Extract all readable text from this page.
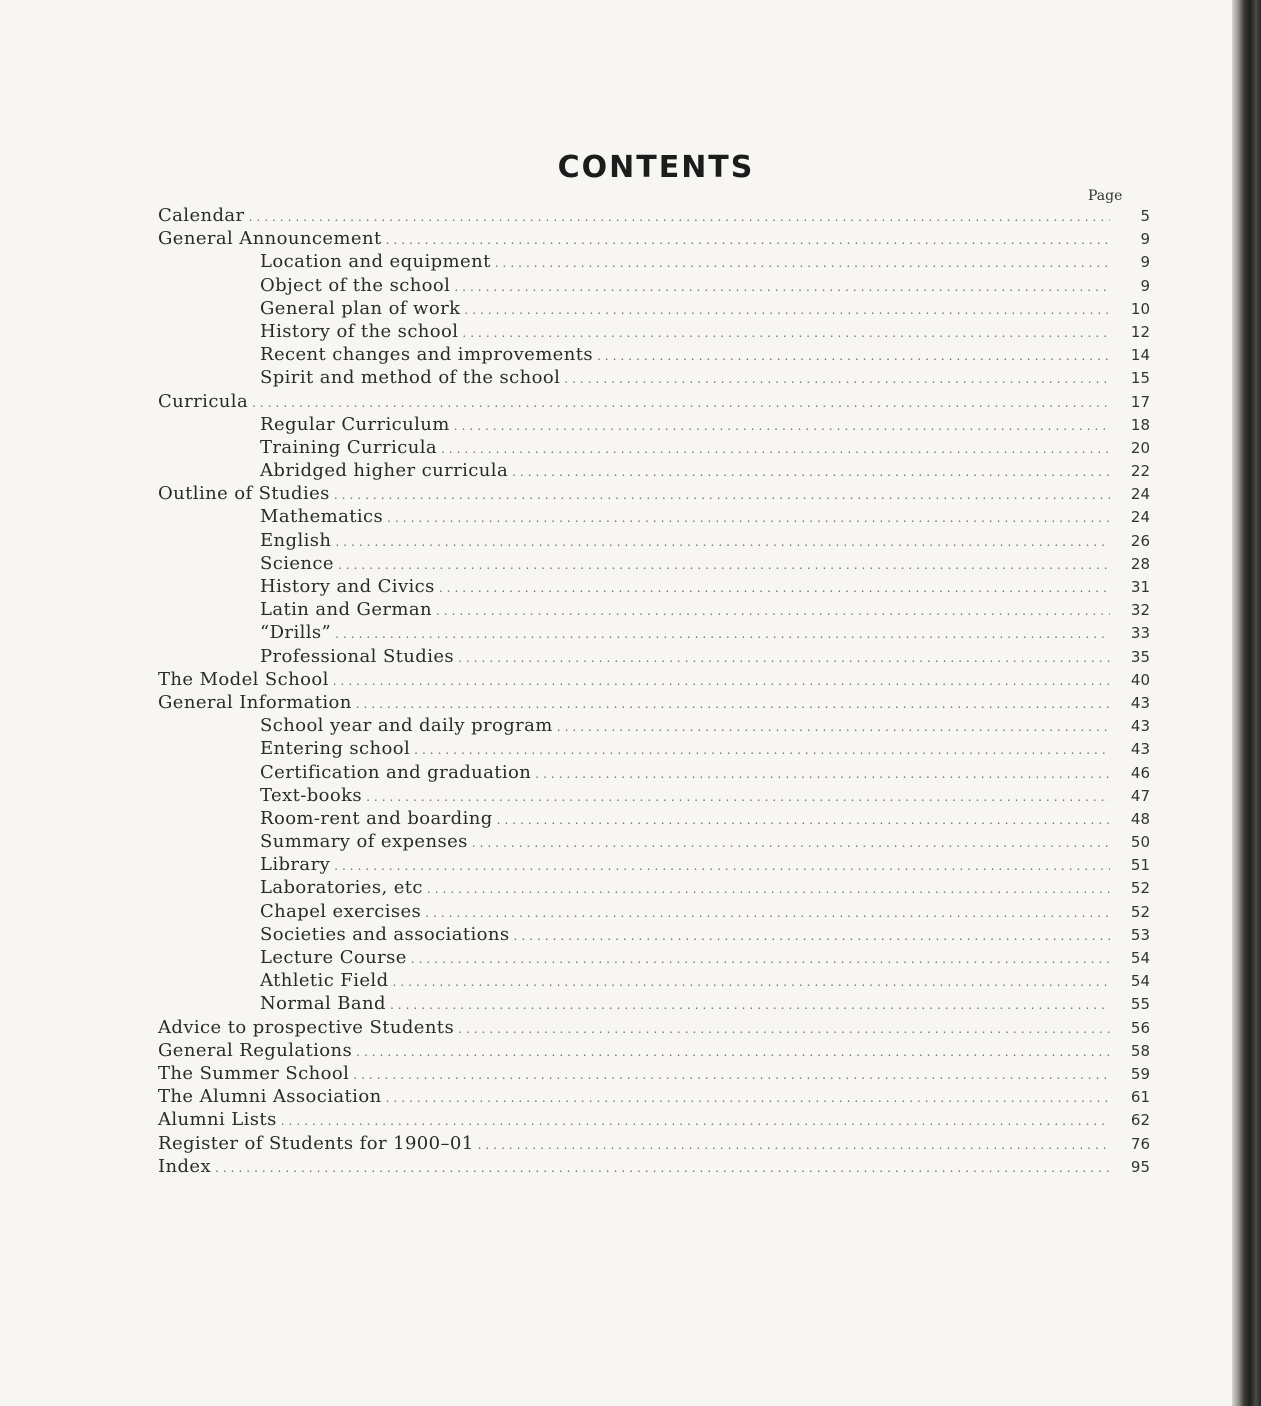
CONTENTS
Page
Calendar .....	5
General Announcement .....	9
Location and equipment .....	9
Object of the school .....	9
General plan of work .....	10
History of the school .....	12
Recent changes and improvements .....	14
Spirit and method of the school .....	15
Curricula .....	17
Regular Curriculum .....	18
Training Curricula .....	20
Abridged higher curricula .....	22
Outline of Studies .....	24
Mathematics .....	24
English .....	26
Science .....	28
History and Civics .....	31
Latin and German .....	32
“Drills” .....	33
Professional Studies .....	35
The Model School .....	40
General Information .....	43
School year and daily program .....	43
Entering school .....	43
Certification and graduation .....	46
Text-books .....	47
Room-rent and boarding .....	48
Summary of expenses .....	50
Library .....	51
Laboratories, etc .....	52
Chapel exercises .....	52
Societies and associations .....	53
Lecture Course .....	54
Athletic Field .....	54
Normal Band .....	55
Advice to prospective Students .....	56
General Regulations .....	58
The Summer School .....	59
The Alumni Association .....	61
Alumni Lists .....	62
Register of Students for 1900–01 .....	76
Index .....	95
